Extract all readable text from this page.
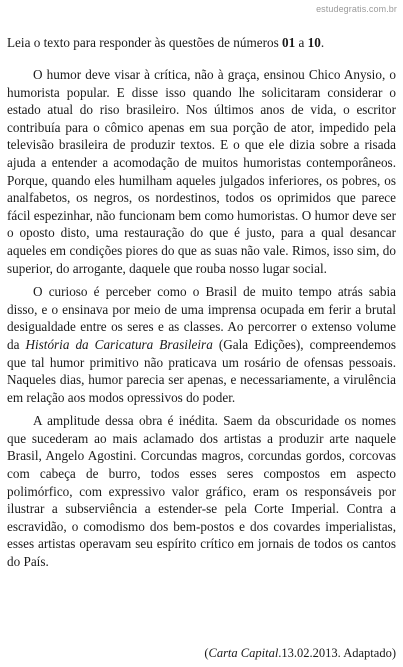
estudegratis.com.br

Leia o texto para responder às questões de números 01 a 10.

O humor deve visar à crítica, não à graça, ensinou Chico Anysio, o humorista popular. E disse isso quando lhe solicitaram considerar o estado atual do riso brasileiro. Nos últimos anos de vida, o escritor contribuía para o cômico apenas em sua porção de ator, impedido pela televisão brasileira de produzir textos. E o que ele dizia sobre a risada ajuda a entender a acomodação de muitos humoristas contemporâneos. Porque, quando eles humilham aqueles julgados inferiores, os pobres, os analfabetos, os negros, os nordestinos, todos os oprimidos que parece fácil espezinhar, não funcionam bem como humoristas. O humor deve ser o oposto disto, uma restauração do que é justo, para a qual desancar aqueles em condições piores do que as suas não vale. Rimos, isso sim, do superior, do arrogante, daquele que rouba nosso lugar social.

O curioso é perceber como o Brasil de muito tempo atrás sabia disso, e o ensinava por meio de uma imprensa ocupada em ferir a brutal desigualdade entre os seres e as classes. Ao percorrer o extenso volume da História da Caricatura Brasileira (Gala Edições), compreendemos que tal humor primitivo não praticava um rosário de ofensas pessoais. Naqueles dias, humor parecia ser apenas, e necessariamente, a virulência em relação aos modos opressivos do poder.

A amplitude dessa obra é inédita. Saem da obscuridade os nomes que sucederam ao mais aclamado dos artistas a produzir arte naquele Brasil, Angelo Agostini. Corcundas magros, corcundas gordos, corcovas com cabeça de burro, todos esses seres compostos em aspecto polimórfico, com expressivo valor gráfico, eram os responsáveis por ilustrar a subserviência a estender-se pela Corte Imperial. Contra a escravidão, o comodismo dos bem-postos e dos covardes imperialistas, esses artistas operavam seu espírito crítico em jornais de todos os cantos do País.

(Carta Capital.13.02.2013. Adaptado)
